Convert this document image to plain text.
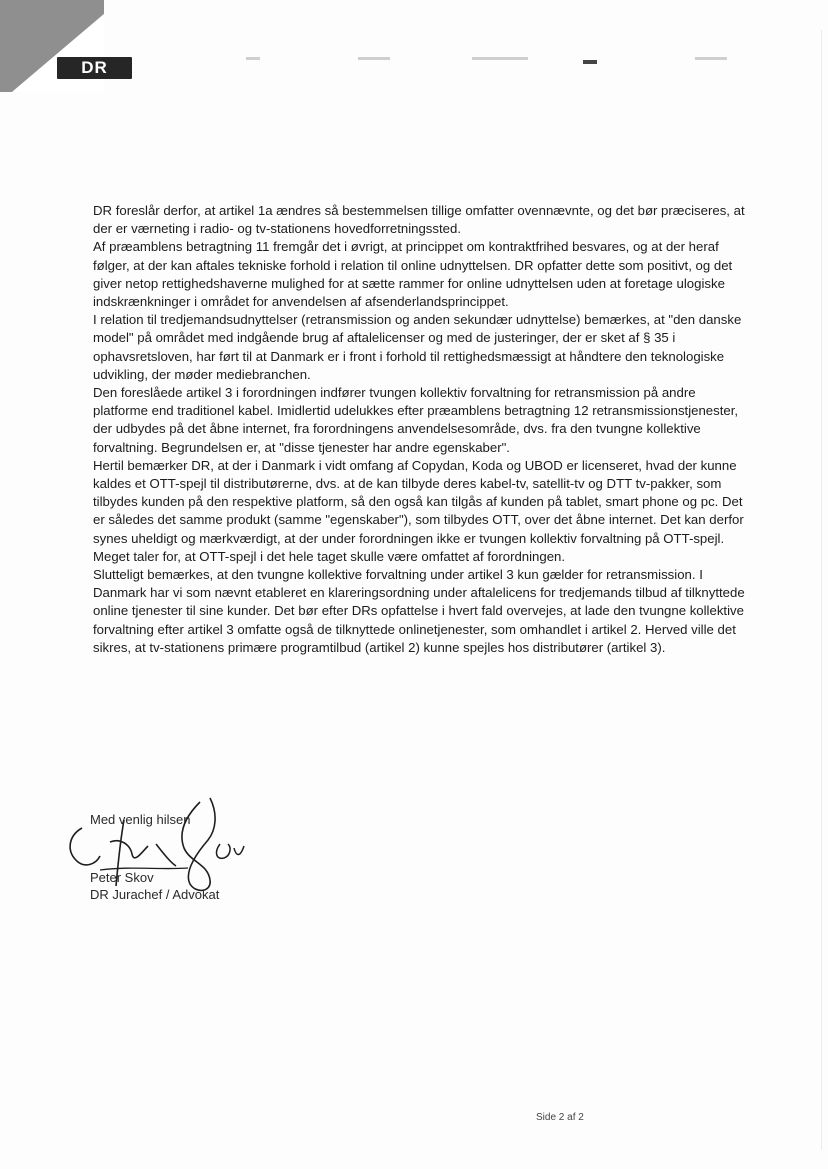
DR

DR foreslår derfor, at artikel 1a ændres så bestemmelsen tillige omfatter ovennævnte, og det bør præciseres, at der er værneting i radio- og tv-stationens hovedforretningssted.

Af præamblens betragtning 11 fremgår det i øvrigt, at princippet om kontraktfrihed besvares, og at der heraf følger, at der kan aftales tekniske forhold i relation til online udnyttelsen. DR opfatter dette som positivt, og det giver netop rettighedshaverne mulighed for at sætte rammer for online udnyttelsen uden at foretage ulogiske indskrænkninger i området for anvendelsen af afsenderlandsprincippet.

I relation til tredjemandsudnyttelser (retransmission og anden sekundær udnyttelse) bemærkes, at "den danske model" på området med indgående brug af aftalelicenser og med de justeringer, der er sket af § 35 i ophavsretsloven, har ført til at Danmark er i front i forhold til rettighedsmæssigt at håndtere den teknologiske udvikling, der møder mediebranchen.

Den foreslåede artikel 3 i forordningen indfører tvungen kollektiv forvaltning for retransmission på andre platforme end traditionel kabel. Imidlertid udelukkes efter præamblens betragtning 12 retransmissionstjenester, der udbydes på det åbne internet, fra forordningens anvendelsesområde, dvs. fra den tvungne kollektive forvaltning. Begrundelsen er, at "disse tjenester har andre egenskaber".

Hertil bemærker DR, at der i Danmark i vidt omfang af Copydan, Koda og UBOD er licenseret, hvad der kunne kaldes et OTT-spejl til distributørerne, dvs. at de kan tilbyde deres kabel-tv, satellit-tv og DTT tv-pakker, som tilbydes kunden på den respektive platform, så den også kan tilgås af kunden på tablet, smart phone og pc. Det er således det samme produkt (samme "egenskaber"), som tilbydes OTT, over det åbne internet. Det kan derfor synes uheldigt og mærkværdigt, at der under forordningen ikke er tvungen kollektiv forvaltning på OTT-spejl. Meget taler for, at OTT-spejl i det hele taget skulle være omfattet af forordningen.

Slutteligt bemærkes, at den tvungne kollektive forvaltning under artikel 3 kun gælder for retransmission. I Danmark har vi som nævnt etableret en klareringsordning under aftalelicens for tredjemands tilbud af tilknyttede online tjenester til sine kunder. Det bør efter DRs opfattelse i hvert fald overvejes, at lade den tvungne kollektive forvaltning efter artikel 3 omfatte også de tilknyttede onlinetjenester, som omhandlet i artikel 2. Herved ville det sikres, at tv-stationens primære programtilbud (artikel 2) kunne spejles hos distributører (artikel 3).

Med venlig hilsen
Peter Skov
DR Jurachef / Advokat
Side 2 af 2
